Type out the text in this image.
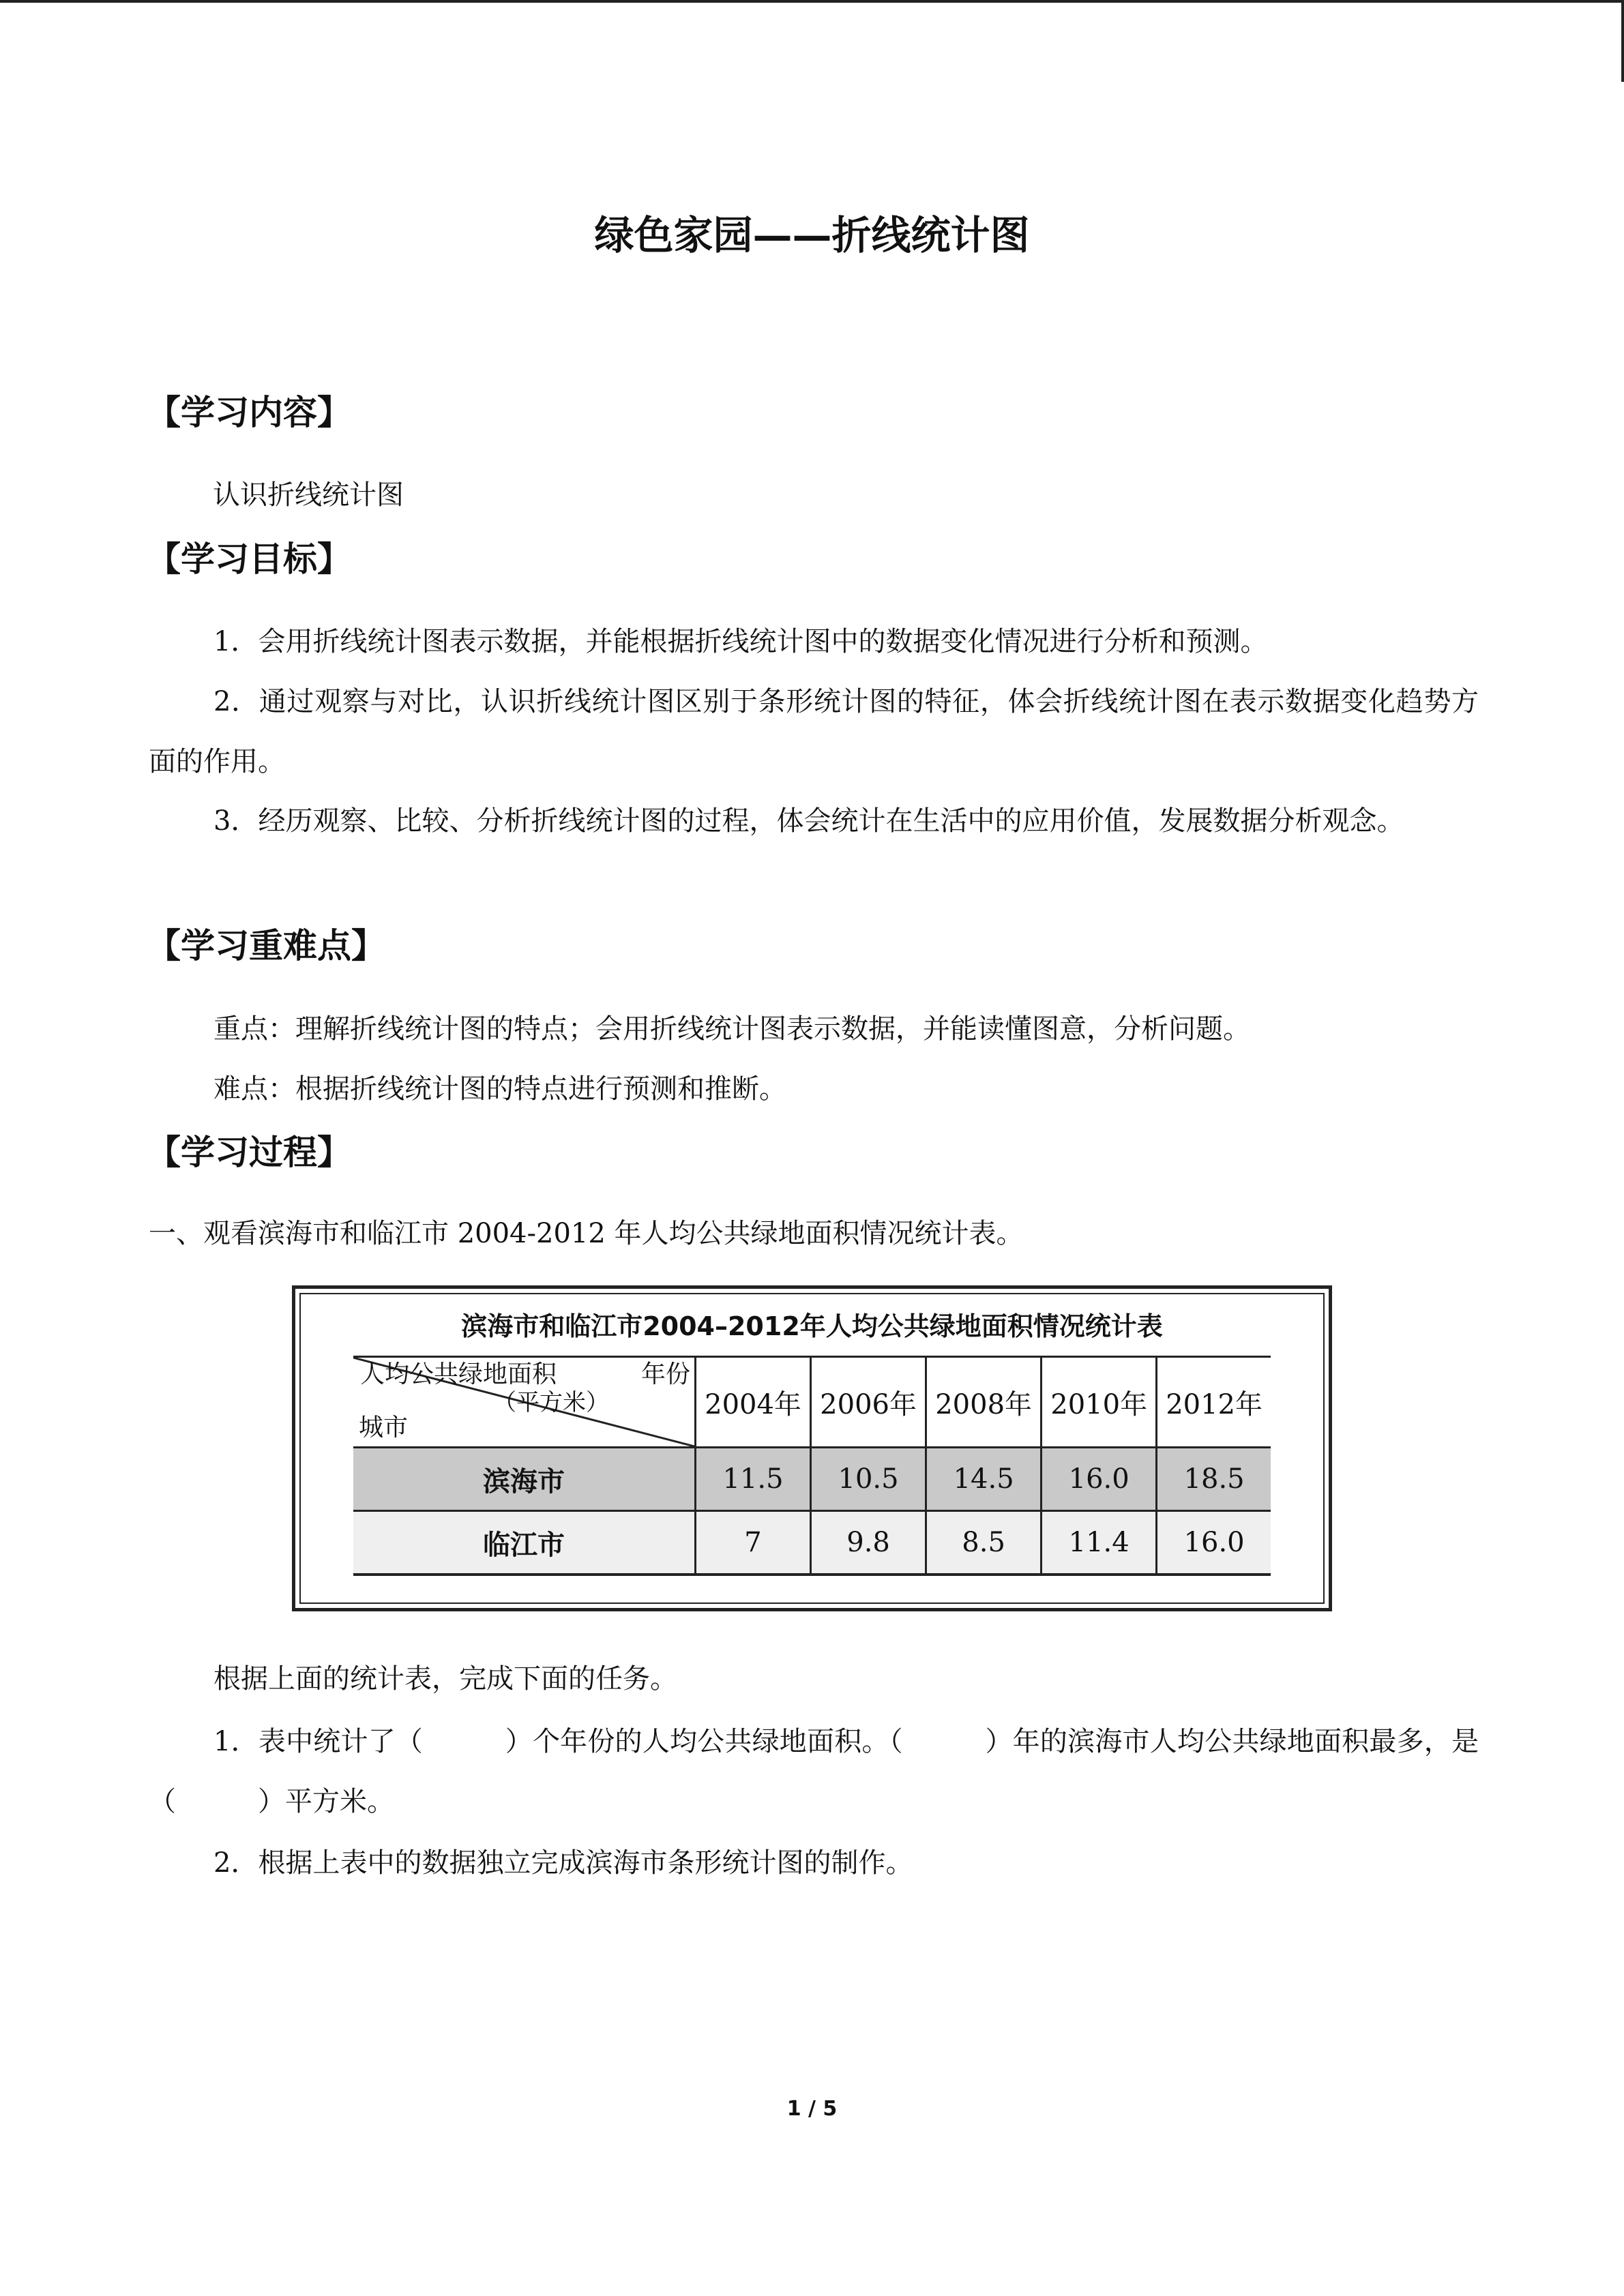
绿色家园——折线统计图
【学习内容】
认识折线统计图
【学习目标】
1．会用折线统计图表示数据，并能根据折线统计图中的数据变化情况进行分析和预测。
2．通过观察与对比，认识折线统计图区别于条形统计图的特征，体会折线统计图在表示数据变化趋势方面的作用。
3．经历观察、比较、分析折线统计图的过程，体会统计在生活中的应用价值，发展数据分析观念。
【学习重难点】
重点：理解折线统计图的特点；会用折线统计图表示数据，并能读懂图意，分析问题。
难点：根据折线统计图的特点进行预测和推断。
【学习过程】
一、观看滨海市和临江市 2004-2012 年人均公共绿地面积情况统计表。
滨海市和临江市2004–2012年人均公共绿地面积情况统计表
人均公共绿地面积 年份
（平方米）
城市	2004年	2006年	2008年	2010年	2012年
滨海市	11.5	10.5	14.5	16.0	18.5
临江市	7	9.8	8.5	11.4	16.0
根据上面的统计表，完成下面的任务。
1．表中统计了（　　　）个年份的人均公共绿地面积。（　　　）年的滨海市人均公共绿地面积最多，是（　　　）平方米。
2．根据上表中的数据独立完成滨海市条形统计图的制作。
1 / 5
